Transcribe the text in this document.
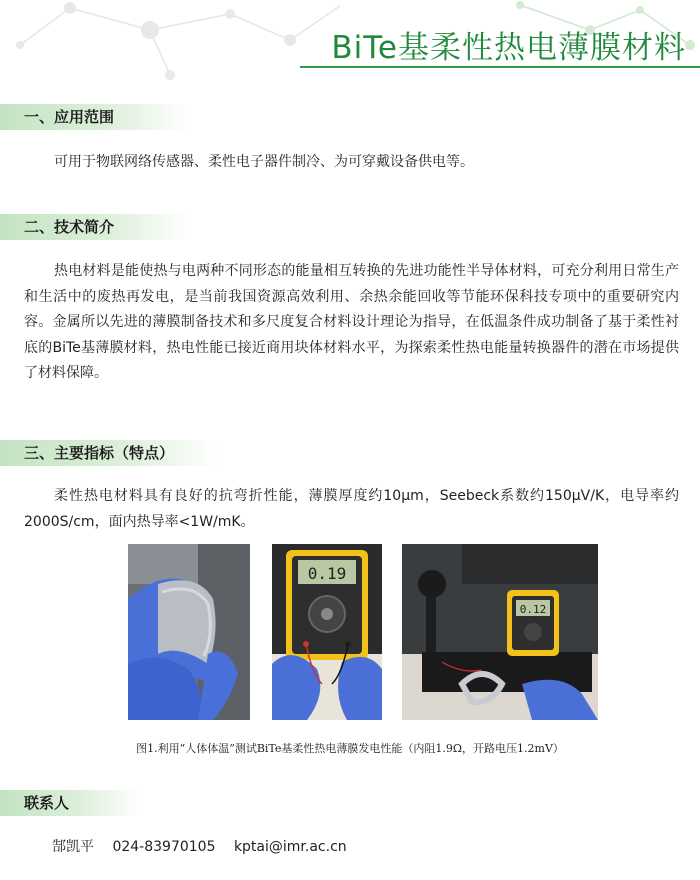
BiTe基柔性热电薄膜材料
一、应用范围
可用于物联网络传感器、柔性电子器件制冷、为可穿戴设备供电等。
二、技术简介
热电材料是能使热与电两种不同形态的能量相互转换的先进功能性半导体材料，可充分利用日常生产和生活中的废热再发电，是当前我国资源高效利用、余热余能回收等节能环保科技专项中的重要研究内容。金属所以先进的薄膜制备技术和多尺度复合材料设计理论为指导，在低温条件成功制备了基于柔性衬底的BiTe基薄膜材料，热电性能已接近商用块体材料水平，为探索柔性热电能量转换器件的潜在市场提供了材料保障。
三、主要指标（特点）
柔性热电材料具有良好的抗弯折性能，薄膜厚度约10μm，Seebeck系数约150μV/K，电导率约2000S/cm，面内热导率<1W/mK。
0.19
0.12
图1.利用“人体体温”测试BiTe基柔性热电薄膜发电性能（内阻1.9Ω，开路电压1.2mV）
联系人
郜凯平 024-83970105 kptai@imr.ac.cn
